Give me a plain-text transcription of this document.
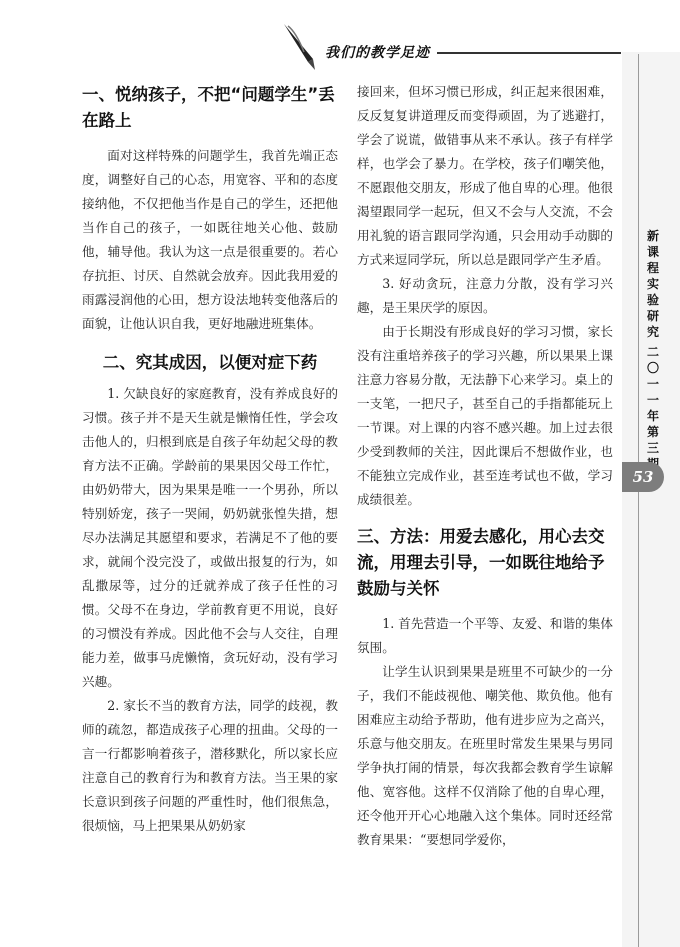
我们的教学足迹
新课程实验研究
二〇一一年第三
53
一、悦纳孩子，不把“问题学生”丢在路上

面对这样特殊的问题学生，我首先端正态度，调整好自己的心态，用宽容、平和的态度接纳他，不仅把他当作是自己的学生，还把他当作自己的孩子，一如既往地关心他、鼓励他，辅导他。我认为这一点是很重要的。若心存抗拒、讨厌、自然就会放弃。因此我用爱的雨露浸润他的心田，想方设法地转变他落后的面貌，让他认识自我，更好地融进班集体。

二、究其成因，以便对症下药

1. 欠缺良好的家庭教育，没有养成良好的习惯。孩子并不是天生就是懒惰任性，学会攻击他人的，归根到底是自孩子年幼起父母的教育方法不正确。学龄前的果果因父母工作忙，由奶奶带大，因为果果是唯一一个男孙，所以特别娇宠，孩子一哭闹，奶奶就张惶失措，想尽办法满足其愿望和要求，若满足不了他的要求，就闹个没完没了，或做出报复的行为，如乱撒尿等，过分的迁就养成了孩子任性的习惯。父母不在身边，学前教育更不用说，良好的习惯没有养成。因此他不会与人交往，自理能力差，做事马虎懒惰，贪玩好动，没有学习兴趣。

2. 家长不当的教育方法，同学的歧视，教师的疏忽，都造成孩子心理的扭曲。父母的一言一行都影响着孩子，潜移默化，所以家长应注意自己的教育行为和教育方法。当王果的家长意识到孩子问题的严重性时，他们很焦急，很烦恼，马上把果果从奶奶家

接回来，但坏习惯已形成，纠正起来很困难，反反复复讲道理反而变得顽固，为了逃避打，学会了说谎，做错事从来不承认。孩子有样学样，也学会了暴力。在学校，孩子们嘲笑他，不愿跟他交朋友，形成了他自卑的心理。他很渴望跟同学一起玩，但又不会与人交流，不会用礼貌的语言跟同学沟通，只会用动手动脚的方式来逗同学玩，所以总是跟同学产生矛盾。

3. 好动贪玩，注意力分散，没有学习兴趣，是王果厌学的原因。

由于长期没有形成良好的学习习惯，家长没有注重培养孩子的学习兴趣，所以果果上课注意力容易分散，无法静下心来学习。桌上的一支笔，一把尺子，甚至自己的手指都能玩上一节课。对上课的内容不感兴趣。加上过去很少受到教师的关注，因此课后不想做作业，也不能独立完成作业，甚至连考试也不做，学习成绩很差。

三、方法：用爱去感化，用心去交流，用理去引导，一如既往地给予鼓励与关怀

1. 首先营造一个平等、友爱、和谐的集体氛围。

让学生认识到果果是班里不可缺少的一分子，我们不能歧视他、嘲笑他、欺负他。他有困难应主动给予帮助，他有进步应为之高兴，乐意与他交朋友。在班里时常发生果果与男同学争执打闹的情景，每次我都会教育学生谅解他、宽容他。这样不仅消除了他的自卑心理，还令他开开心心地融入这个集体。同时还经常教育果果：“要想同学爱你，
